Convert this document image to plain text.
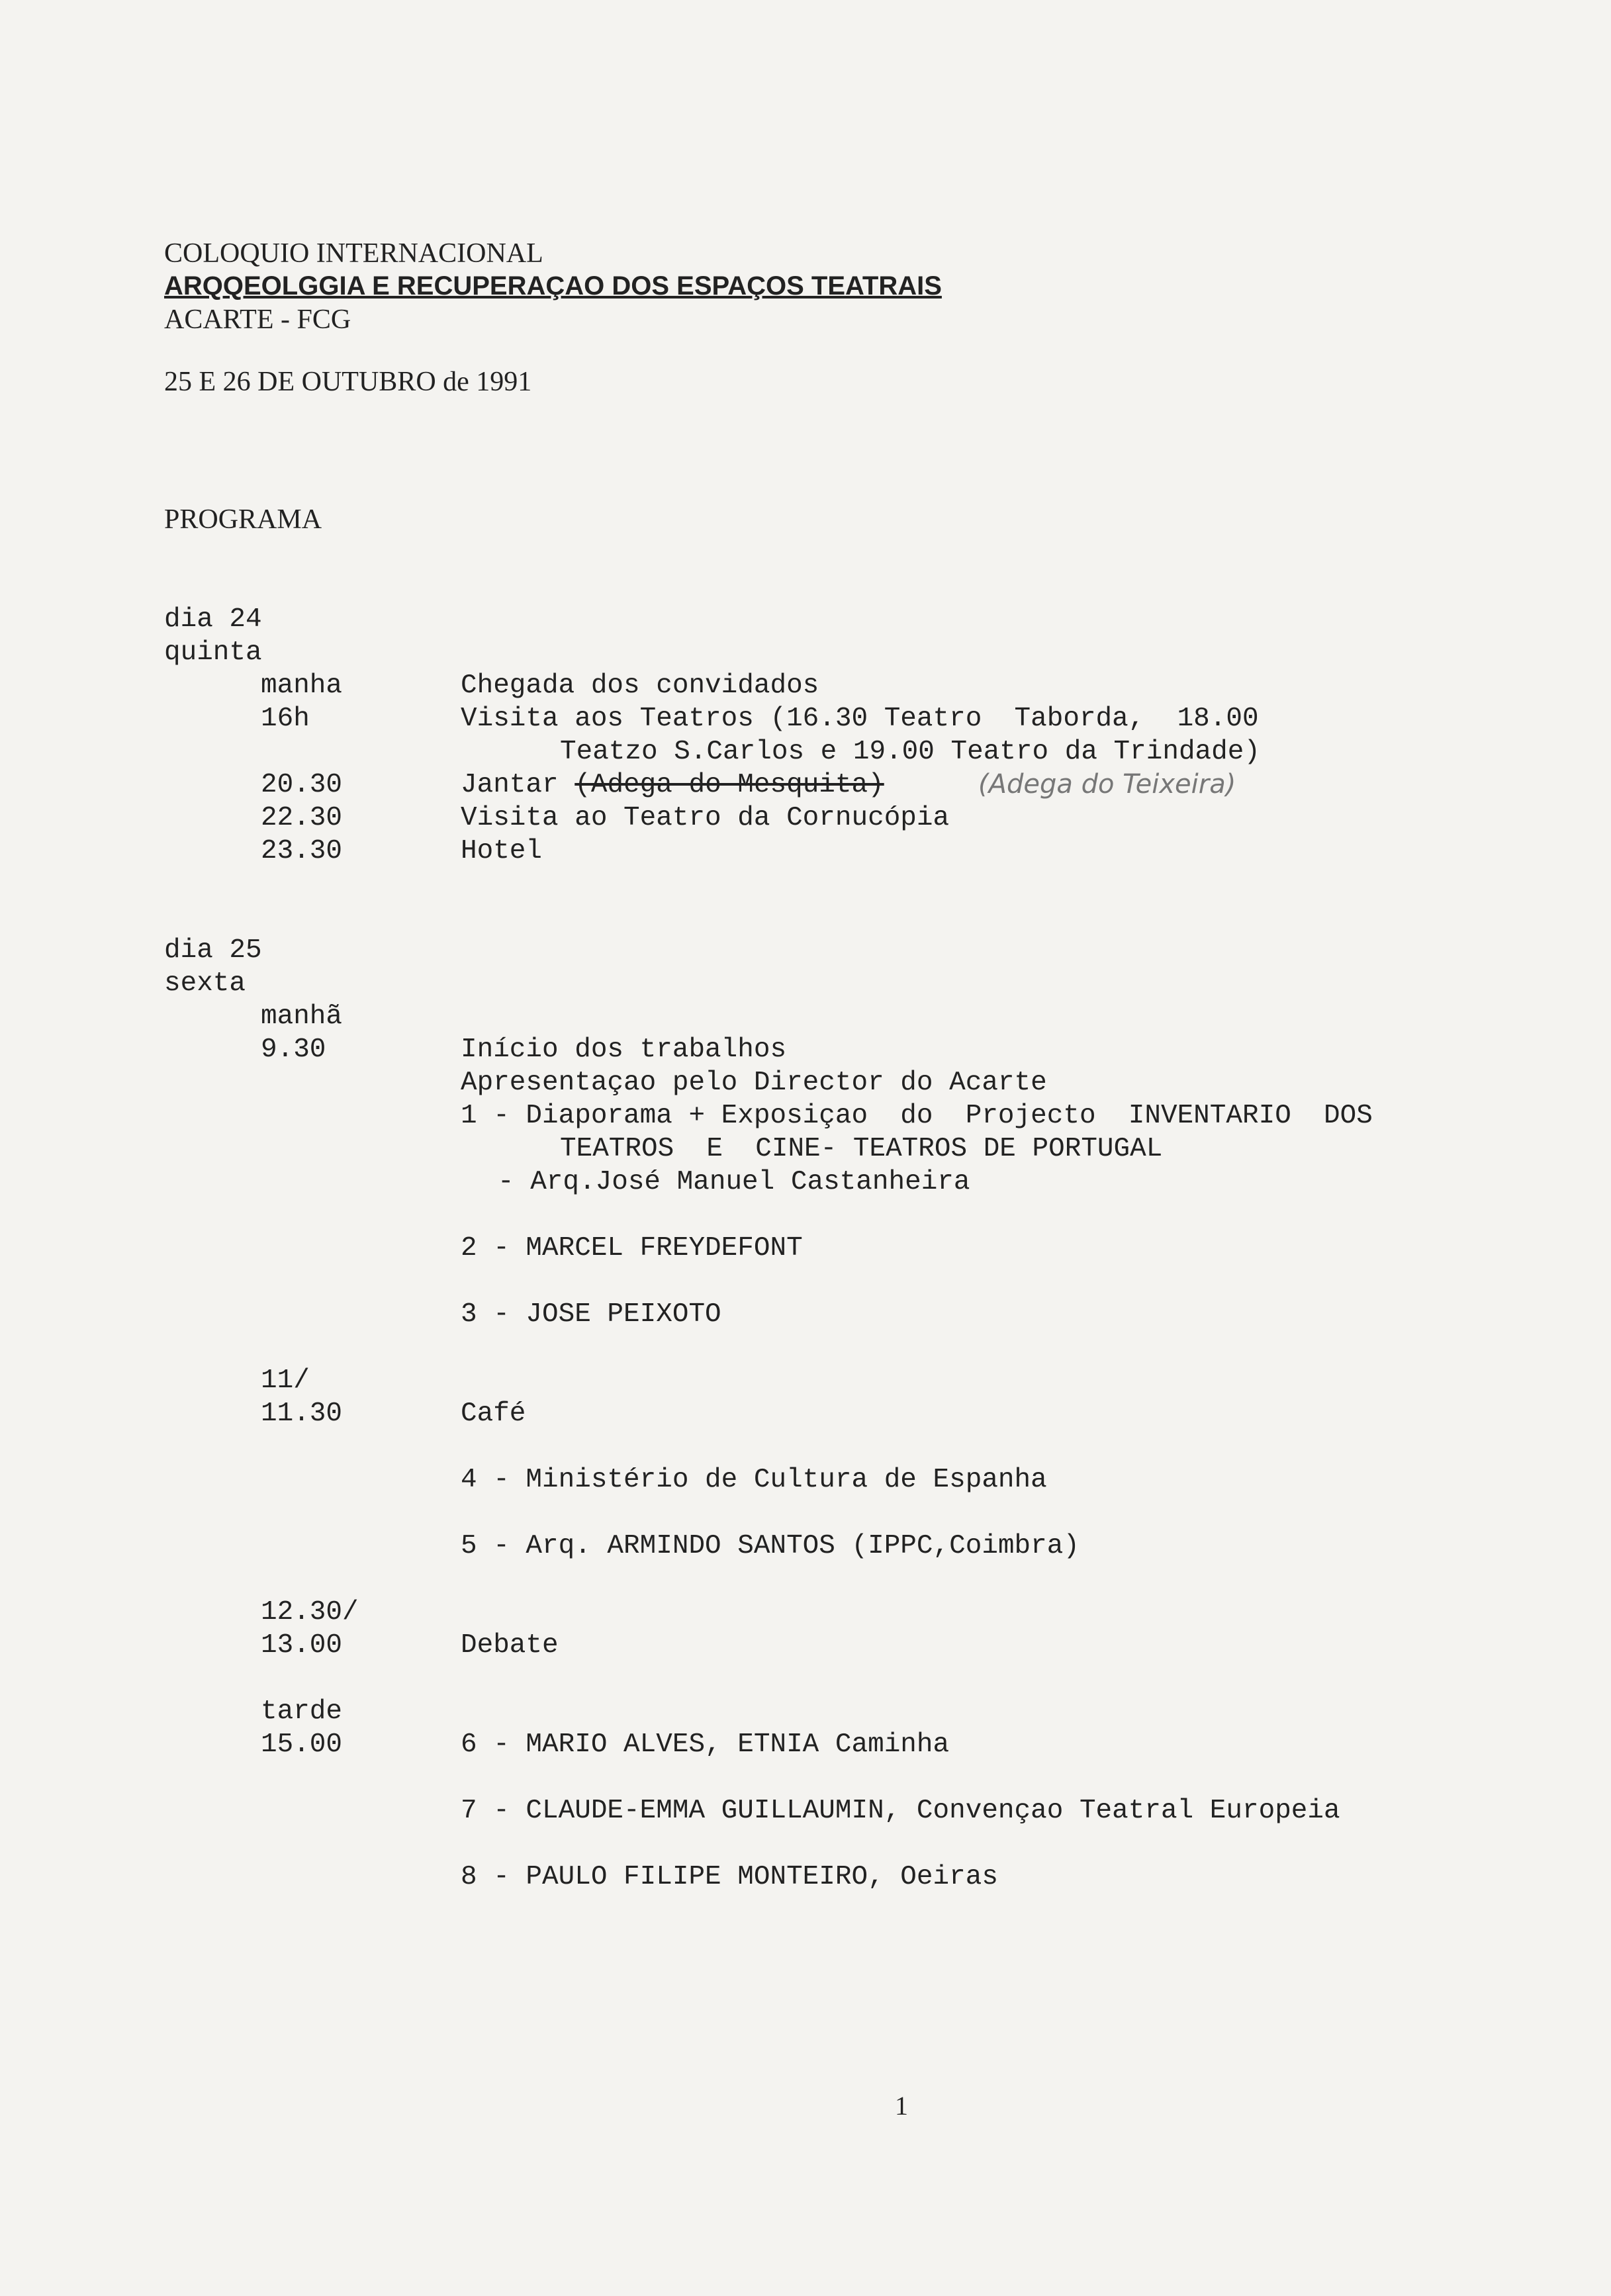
COLOQUIO INTERNACIONAL
ARQQEOLGGIA E RECUPERAÇAO DOS ESPAÇOS TEATRAIS
ACARTE - FCG
25 E 26 DE OUTUBRO de 1991
PROGRAMA
dia 24
quinta
manha	Chegada dos convidados
16h	Visita aos Teatros (16.30 Teatro  Taborda,  18.00
Teatzo S.Carlos e 19.00 Teatro da Trindade)
20.30	Jantar (Adega do Mesquita)	(Adega do Teixeira)
22.30	Visita ao Teatro da Cornucópia
23.30	Hotel
dia 25
sexta
manhã
9.30	Início dos trabalhos
Apresentaçao pelo Director do Acarte
1 - Diaporama + Exposiçao  do  Projecto  INVENTARIO  DOS
TEATROS  E  CINE- TEATROS DE PORTUGAL
- Arq.José Manuel Castanheira
2 - MARCEL FREYDEFONT
3 - JOSE PEIXOTO
11/
11.30	Café
4 - Ministério de Cultura de Espanha
5 - Arq. ARMINDO SANTOS (IPPC,Coimbra)
12.30/
13.00	Debate
tarde
15.00	6 - MARIO ALVES, ETNIA Caminha
7 - CLAUDE-EMMA GUILLAUMIN, Convençao Teatral Europeia
8 - PAULO FILIPE MONTEIRO, Oeiras
1
